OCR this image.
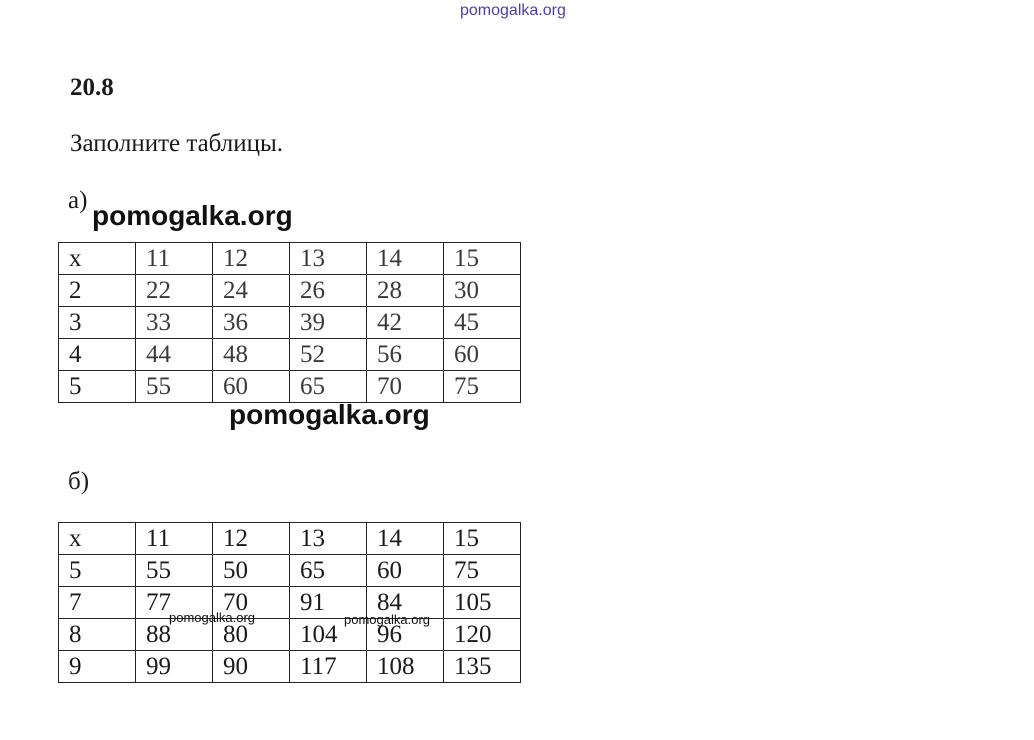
pomogalka.org
20.8
Заполните таблицы.
а) pomogalka.org
x	11	12	13	14	15
2	22	24	26	28	30
3	33	36	39	42	45
4	44	48	52	56	60
5	55	60	65	70	75
pomogalka.org
б)
x	11	12	13	14	15
5	55	50	65	60	75
7	77	70	91	84	105
8	88	80	104	96	120
9	99	90	117	108	135
pomogalka.org	pomogalka.org
